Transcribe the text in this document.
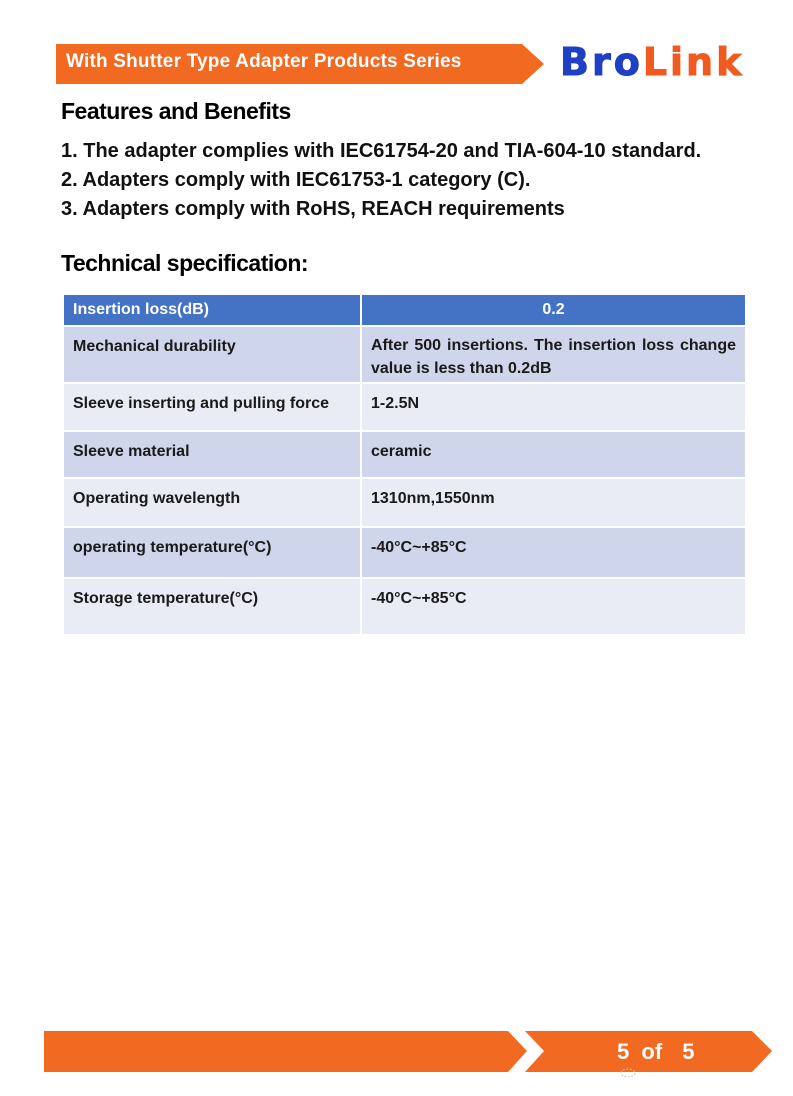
With Shutter Type Adapter Products Series	BroLink
Features and Benefits
1. The adapter complies with IEC61754-20 and TIA-604-10 standard.
2. Adapters comply with IEC61753-1 category (C).
3. Adapters comply with RoHS, REACH requirements
Technical specification:
Insertion loss(dB)	0.2
Mechanical durability	After 500 insertions. The insertion loss change value is less than 0.2dB
Sleeve inserting and pulling force	1-2.5N
Sleeve material	ceramic
Operating wavelength	1310nm,1550nm
operating temperature(°C)	-40°C~+85°C
Storage temperature(°C)	-40°C~+85°C
5 of 5
